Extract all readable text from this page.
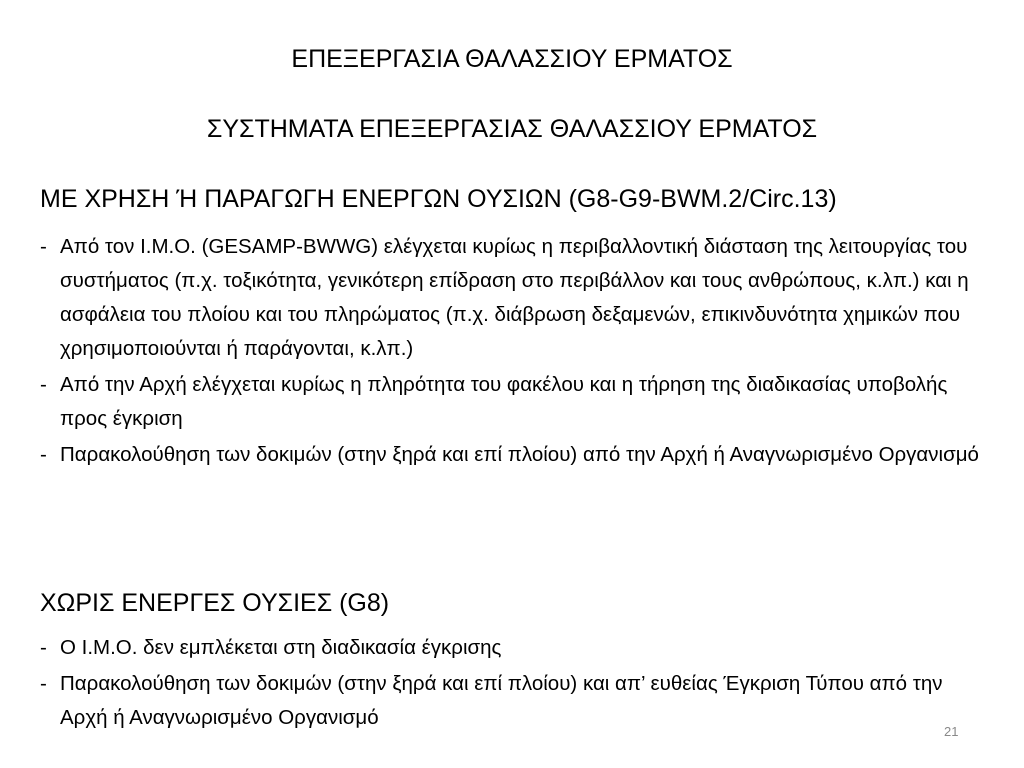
ΕΠΕΞΕΡΓΑΣΙΑ ΘΑΛΑΣΣΙΟΥ ΕΡΜΑΤΟΣ
ΣΥΣΤΗΜΑΤΑ ΕΠΕΞΕΡΓΑΣΙΑΣ ΘΑΛΑΣΣΙΟΥ ΕΡΜΑΤΟΣ
ΜΕ ΧΡΗΣΗ Ή ΠΑΡΑΓΩΓΗ ΕΝΕΡΓΩΝ ΟΥΣΙΩΝ (G8-G9-BWM.2/Circ.13)
- Από τον Ι.Μ.Ο. (GESAMP-BWWG) ελέγχεται κυρίως η περιβαλλοντική διάσταση της λειτουργίας του συστήματος (π.χ. τοξικότητα, γενικότερη επίδραση στο περιβάλλον και τους ανθρώπους, κ.λπ.) και η ασφάλεια του πλοίου και του πληρώματος (π.χ. διάβρωση δεξαμενών, επικινδυνότητα χημικών που χρησιμοποιούνται ή παράγονται, κ.λπ.)
- Από την Αρχή ελέγχεται κυρίως η πληρότητα του φακέλου και η τήρηση της διαδικασίας υποβολής προς έγκριση
- Παρακολούθηση των δοκιμών (στην ξηρά και επί πλοίου) από την Αρχή ή Αναγνωρισμένο Οργανισμό
ΧΩΡΙΣ ΕΝΕΡΓΕΣ ΟΥΣΙΕΣ (G8)
- Ο Ι.Μ.Ο. δεν εμπλέκεται στη διαδικασία έγκρισης
- Παρακολούθηση των δοκιμών (στην ξηρά και επί πλοίου) και απ’ ευθείας Έγκριση Τύπου από την Αρχή ή Αναγνωρισμένο Οργανισμό
21
